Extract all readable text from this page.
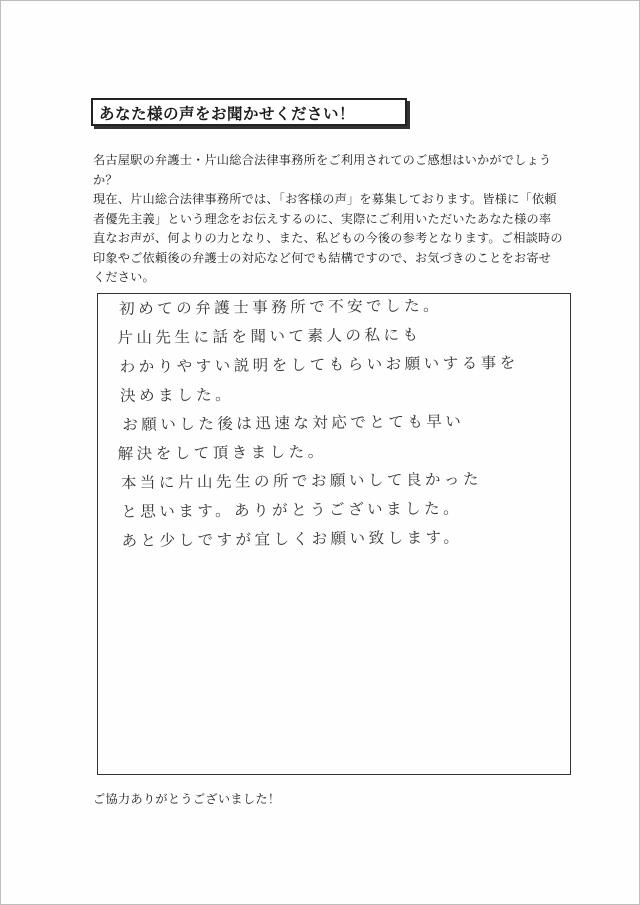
あなた様の声をお聞かせください！

名古屋駅の弁護士・片山総合法律事務所をご利用されてのご感想はいかがでしょうか？

現在、片山総合法律事務所では、「お客様の声」を募集しております。皆様に「依頼者優先主義」という理念をお伝えするのに、実際にご利用いただいたあなた様の率直なお声が、何よりの力となり、また、私どもの今後の参考となります。ご相談時の印象やご依頼後の弁護士の対応など何でも結構ですので、お気づきのことをお寄せください。

初めての弁護士事務所で不安でした。
片山先生に話を聞いて素人の私にも
わかりやすい説明をしてもらいお願いする事を
決めました。
お願いした後は迅速な対応でとても早い
解決をして頂きました。
本当に片山先生の所でお願いして良かった
と思います。ありがとうございました。
あと少しですが宜しくお願い致します。
ご協力ありがとうございました！
